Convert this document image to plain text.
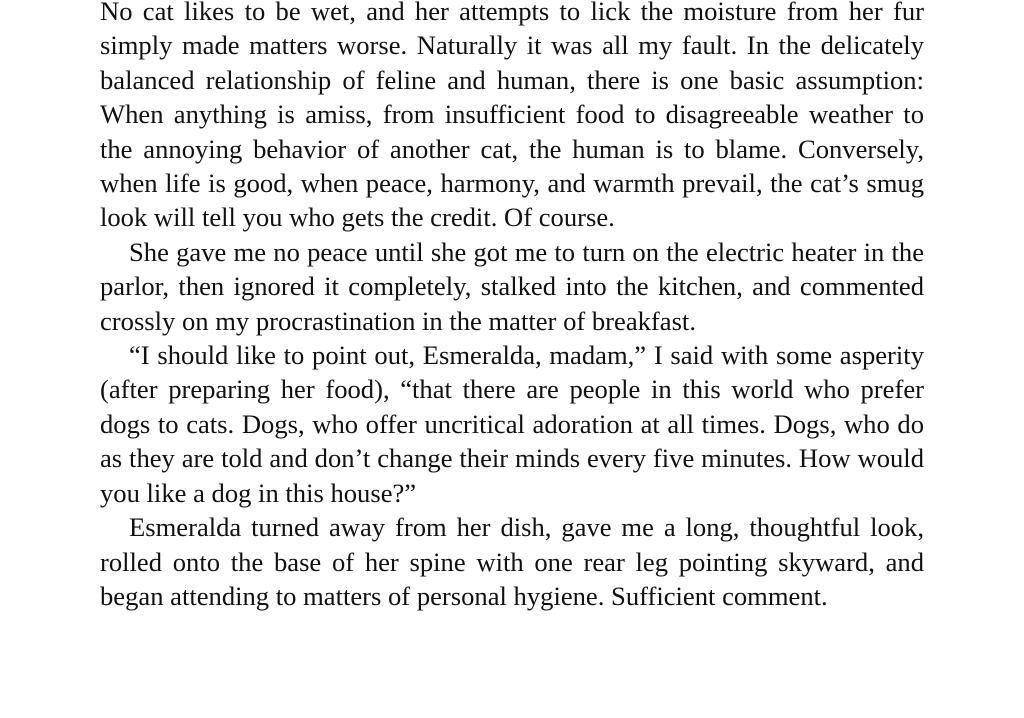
No cat likes to be wet, and her attempts to lick the moisture from her fur simply made matters worse. Naturally it was all my fault. In the delicately balanced relationship of feline and human, there is one basic assumption: When anything is amiss, from insufficient food to disagreeable weather to the annoying behavior of another cat, the human is to blame. Conversely, when life is good, when peace, harmony, and warmth prevail, the cat’s smug look will tell you who gets the credit. Of course.

She gave me no peace until she got me to turn on the electric heater in the parlor, then ignored it completely, stalked into the kitchen, and commented crossly on my procrastination in the matter of breakfast.

“I should like to point out, Esmeralda, madam,” I said with some asperity (after preparing her food), “that there are people in this world who prefer dogs to cats. Dogs, who offer uncritical adoration at all times. Dogs, who do as they are told and don’t change their minds every five minutes. How would you like a dog in this house?”

Esmeralda turned away from her dish, gave me a long, thoughtful look, rolled onto the base of her spine with one rear leg pointing skyward, and began attending to matters of personal hygiene. Sufficient comment.
